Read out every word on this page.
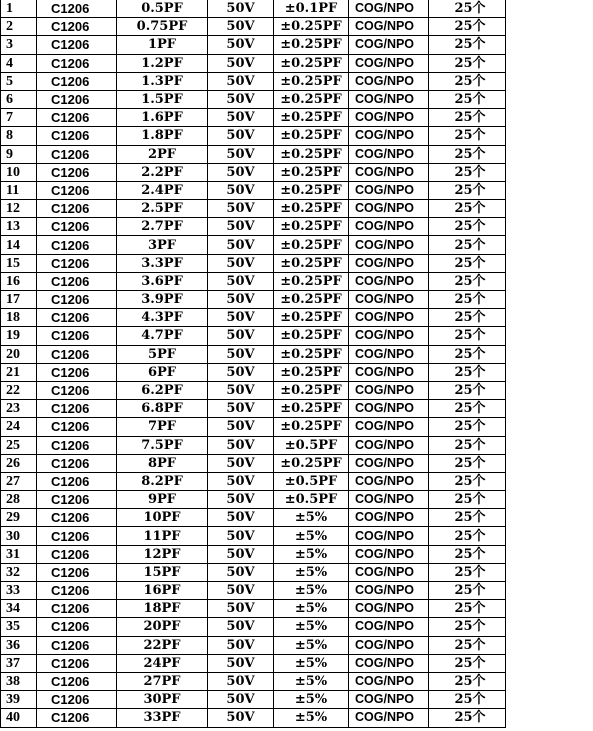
1	C1206	0.5PF	50V	±0.1PF	COG/NPO	25个
2	C1206	0.75PF	50V	±0.25PF	COG/NPO	25个
3	C1206	1PF	50V	±0.25PF	COG/NPO	25个
4	C1206	1.2PF	50V	±0.25PF	COG/NPO	25个
5	C1206	1.3PF	50V	±0.25PF	COG/NPO	25个
6	C1206	1.5PF	50V	±0.25PF	COG/NPO	25个
7	C1206	1.6PF	50V	±0.25PF	COG/NPO	25个
8	C1206	1.8PF	50V	±0.25PF	COG/NPO	25个
9	C1206	2PF	50V	±0.25PF	COG/NPO	25个
10	C1206	2.2PF	50V	±0.25PF	COG/NPO	25个
11	C1206	2.4PF	50V	±0.25PF	COG/NPO	25个
12	C1206	2.5PF	50V	±0.25PF	COG/NPO	25个
13	C1206	2.7PF	50V	±0.25PF	COG/NPO	25个
14	C1206	3PF	50V	±0.25PF	COG/NPO	25个
15	C1206	3.3PF	50V	±0.25PF	COG/NPO	25个
16	C1206	3.6PF	50V	±0.25PF	COG/NPO	25个
17	C1206	3.9PF	50V	±0.25PF	COG/NPO	25个
18	C1206	4.3PF	50V	±0.25PF	COG/NPO	25个
19	C1206	4.7PF	50V	±0.25PF	COG/NPO	25个
20	C1206	5PF	50V	±0.25PF	COG/NPO	25个
21	C1206	6PF	50V	±0.25PF	COG/NPO	25个
22	C1206	6.2PF	50V	±0.25PF	COG/NPO	25个
23	C1206	6.8PF	50V	±0.25PF	COG/NPO	25个
24	C1206	7PF	50V	±0.25PF	COG/NPO	25个
25	C1206	7.5PF	50V	±0.5PF	COG/NPO	25个
26	C1206	8PF	50V	±0.25PF	COG/NPO	25个
27	C1206	8.2PF	50V	±0.5PF	COG/NPO	25个
28	C1206	9PF	50V	±0.5PF	COG/NPO	25个
29	C1206	10PF	50V	±5%	COG/NPO	25个
30	C1206	11PF	50V	±5%	COG/NPO	25个
31	C1206	12PF	50V	±5%	COG/NPO	25个
32	C1206	15PF	50V	±5%	COG/NPO	25个
33	C1206	16PF	50V	±5%	COG/NPO	25个
34	C1206	18PF	50V	±5%	COG/NPO	25个
35	C1206	20PF	50V	±5%	COG/NPO	25个
36	C1206	22PF	50V	±5%	COG/NPO	25个
37	C1206	24PF	50V	±5%	COG/NPO	25个
38	C1206	27PF	50V	±5%	COG/NPO	25个
39	C1206	30PF	50V	±5%	COG/NPO	25个
40	C1206	33PF	50V	±5%	COG/NPO	25个
